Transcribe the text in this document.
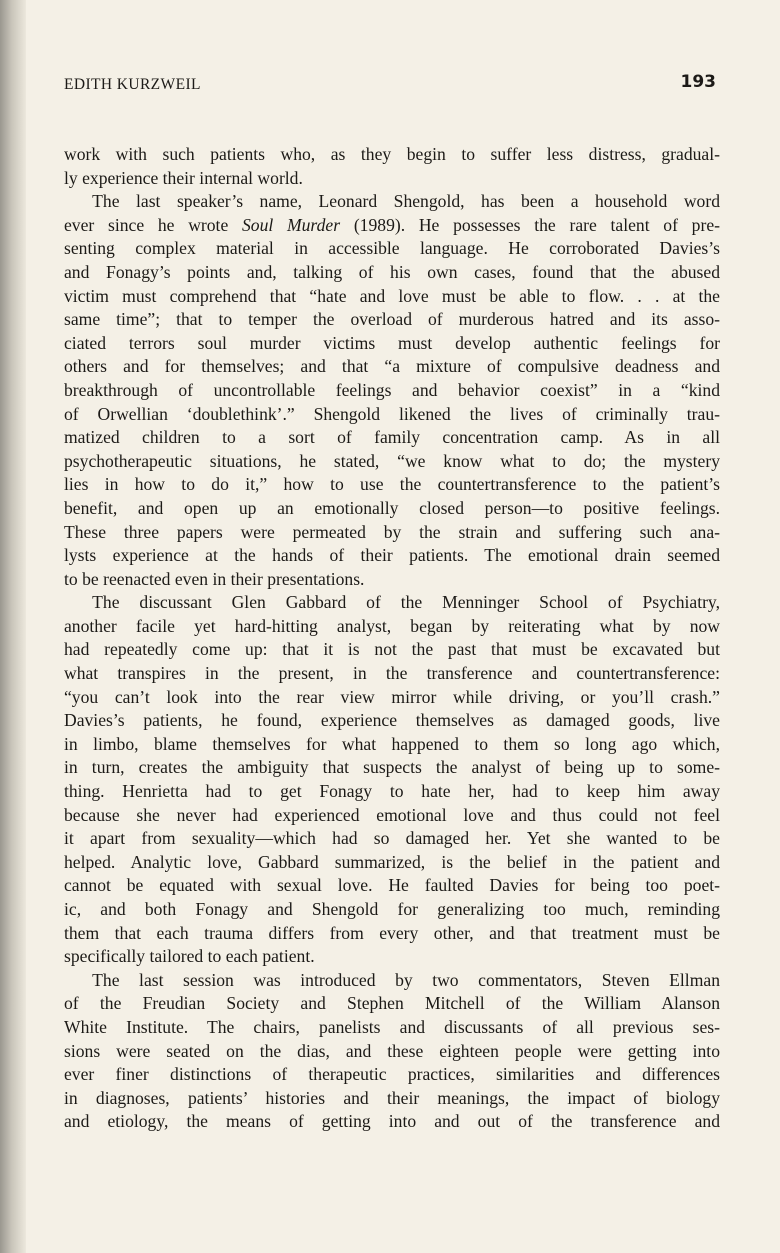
EDITH KURZWEIL	193
work with such patients who, as they begin to suffer less distress, gradual-
ly experience their internal world.
The last speaker’s name, Leonard Shengold, has been a household word
ever since he wrote Soul Murder (1989). He possesses the rare talent of pre-
senting complex material in accessible language. He corroborated Davies’s
and Fonagy’s points and, talking of his own cases, found that the abused
victim must comprehend that “hate and love must be able to flow. . . at the
same time”; that to temper the overload of murderous hatred and its asso-
ciated terrors soul murder victims must develop authentic feelings for
others and for themselves; and that “a mixture of compulsive deadness and
breakthrough of uncontrollable feelings and behavior coexist” in a “kind
of Orwellian ‘doublethink’.” Shengold likened the lives of criminally trau-
matized children to a sort of family concentration camp. As in all
psychotherapeutic situations, he stated, “we know what to do; the mystery
lies in how to do it,” how to use the countertransference to the patient’s
benefit, and open up an emotionally closed person—to positive feelings.
These three papers were permeated by the strain and suffering such ana-
lysts experience at the hands of their patients. The emotional drain seemed
to be reenacted even in their presentations.
The discussant Glen Gabbard of the Menninger School of Psychiatry,
another facile yet hard-hitting analyst, began by reiterating what by now
had repeatedly come up: that it is not the past that must be excavated but
what transpires in the present, in the transference and countertransference:
“you can’t look into the rear view mirror while driving, or you’ll crash.”
Davies’s patients, he found, experience themselves as damaged goods, live
in limbo, blame themselves for what happened to them so long ago which,
in turn, creates the ambiguity that suspects the analyst of being up to some-
thing. Henrietta had to get Fonagy to hate her, had to keep him away
because she never had experienced emotional love and thus could not feel
it apart from sexuality—which had so damaged her. Yet she wanted to be
helped. Analytic love, Gabbard summarized, is the belief in the patient and
cannot be equated with sexual love. He faulted Davies for being too poet-
ic, and both Fonagy and Shengold for generalizing too much, reminding
them that each trauma differs from every other, and that treatment must be
specifically tailored to each patient.
The last session was introduced by two commentators, Steven Ellman
of the Freudian Society and Stephen Mitchell of the William Alanson
White Institute. The chairs, panelists and discussants of all previous ses-
sions were seated on the dias, and these eighteen people were getting into
ever finer distinctions of therapeutic practices, similarities and differences
in diagnoses, patients’ histories and their meanings, the impact of biology
and etiology, the means of getting into and out of the transference and
